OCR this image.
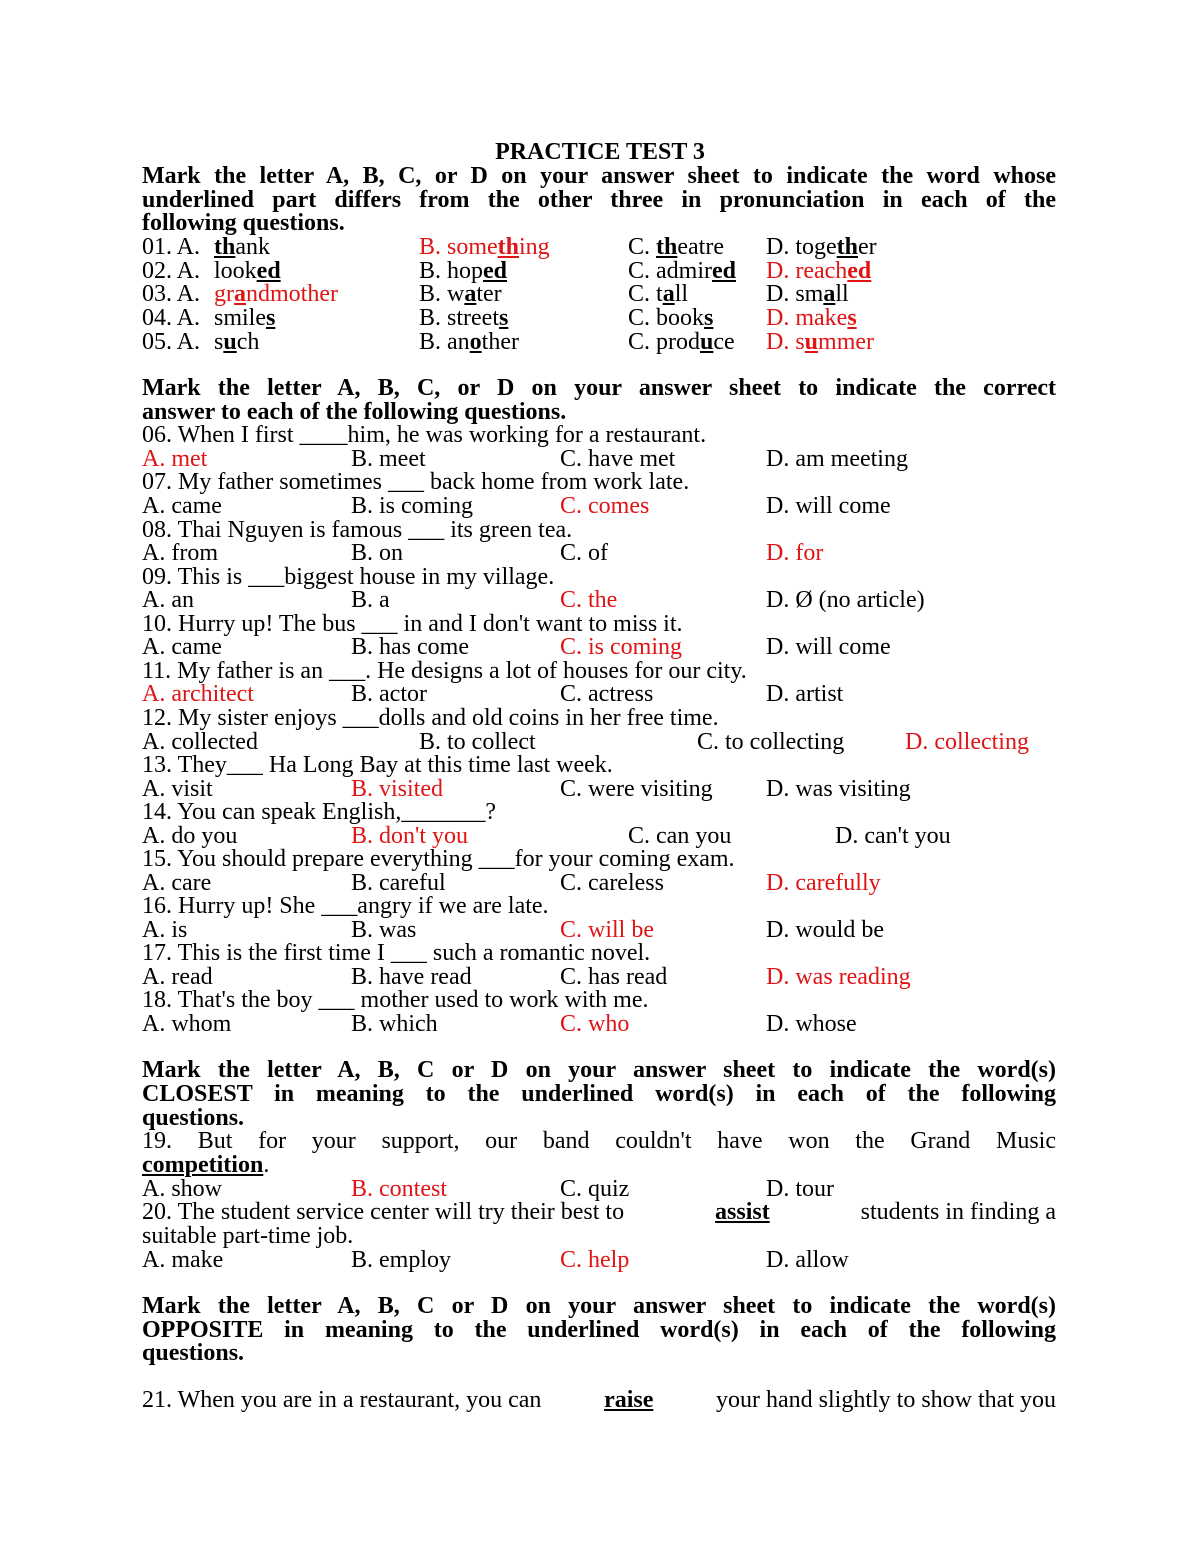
PRACTICE TEST 3
Mark the letter A, B, C, or D on your answer sheet to indicate the word whose
underlined part differs from the other three in pronunciation in each of the
following questions.
01. A. thank	B. something	C. theatre D. together
02. A. looked	B. hoped	C. admired D. reached
03. A. grandmother	B. water	C. tall	D. small
04. A. smiles	B. streets	C. books D. makes
05. A. such	B. another	C. produce D. summer
Mark the letter A, B, C, or D on your answer sheet to indicate the correct
answer to each of the following questions.
06. When I first ____him, he was working for a restaurant.
A. met	B. meet	C. have met	D. am meeting
07. My father sometimes ___ back home from work late.
A. came	B. is coming	C. comes	D. will come
08. Thai Nguyen is famous ___ its green tea.
A. from	B. on	C. of	D. for
09. This is ___biggest house in my village.
A. an	B. a	C. the	D. Ø (no article)
10. Hurry up! The bus ___ in and I don't want to miss it.
A. came	B. has come	C. is coming	D. will come
11. My father is an ___. He designs a lot of houses for our city.
A. architect	B. actor	C. actress	D. artist
12. My sister enjoys ___dolls and old coins in her free time.
A. collected	B. to collect	C. to collecting	D. collecting
13. They___ Ha Long Bay at this time last week.
A. visit	B. visited	C. were visiting D. was visiting
14. You can speak English,_______?
A. do you	B. don't you	C. can you	D. can't you
15. You should prepare everything ___for your coming exam.
A. care	B. careful	C. careless	D. carefully
16. Hurry up! She ___angry if we are late.
A. is	B. was	C. will be	D. would be
17. This is the first time I ___ such a romantic novel.
A. read	B. have read	C. has read	D. was reading
18. That's the boy ___ mother used to work with me.
A. whom	B. which	C. who	D. whose
Mark the letter A, B, C or D on your answer sheet to indicate the word(s)
CLOSEST in meaning to the underlined word(s) in each of the following
questions.
19. But for your support, our band couldn't have won the Grand Music
competition.
A. show	B. contest	C. quiz	D. tour
20. The student service center will try their best to	assist	students in finding a
suitable part-time job.
A. make	B. employ	C. help	D. allow
Mark the letter A, B, C or D on your answer sheet to indicate the word(s)
OPPOSITE in meaning to the underlined word(s) in each of the following
questions.
21. When you are in a restaurant, you can	raise	your hand slightly to show that you
